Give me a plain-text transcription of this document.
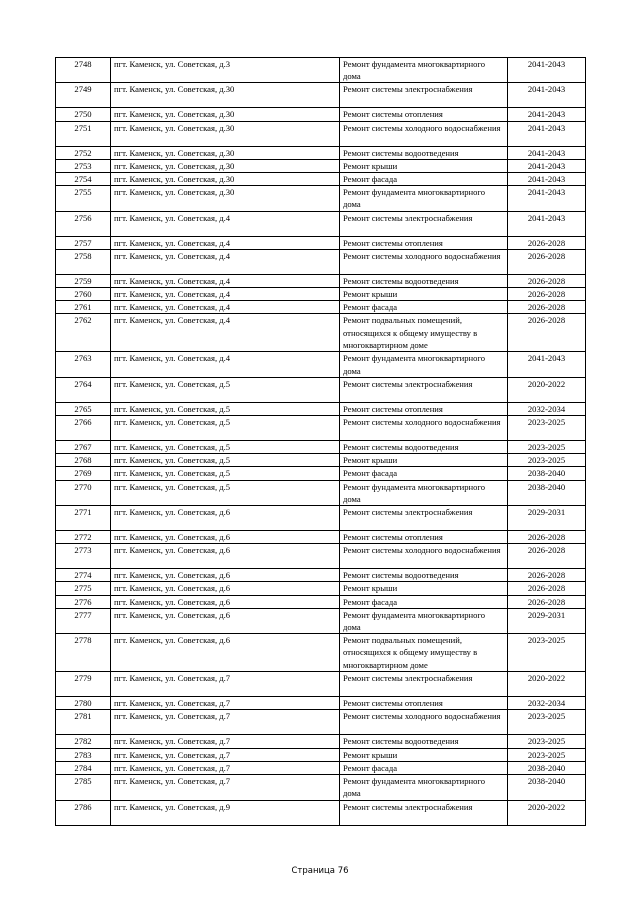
2748	пгт. Каменск, ул. Советская, д.3	Ремонт фундамента многоквартирного дома	2041-2043
2749	пгт. Каменск, ул. Советская, д.30	Ремонт системы электроснабжения	2041-2043
2750	пгт. Каменск, ул. Советская, д.30	Ремонт системы отопления	2041-2043
2751	пгт. Каменск, ул. Советская, д.30	Ремонт системы холодного водоснабжения	2041-2043
2752	пгт. Каменск, ул. Советская, д.30	Ремонт системы водоотведения	2041-2043
2753	пгт. Каменск, ул. Советская, д.30	Ремонт крыши	2041-2043
2754	пгт. Каменск, ул. Советская, д.30	Ремонт фасада	2041-2043
2755	пгт. Каменск, ул. Советская, д.30	Ремонт фундамента многоквартирного дома	2041-2043
2756	пгт. Каменск, ул. Советская, д.4	Ремонт системы электроснабжения	2041-2043
2757	пгт. Каменск, ул. Советская, д.4	Ремонт системы отопления	2026-2028
2758	пгт. Каменск, ул. Советская, д.4	Ремонт системы холодного водоснабжения	2026-2028
2759	пгт. Каменск, ул. Советская, д.4	Ремонт системы водоотведения	2026-2028
2760	пгт. Каменск, ул. Советская, д.4	Ремонт крыши	2026-2028
2761	пгт. Каменск, ул. Советская, д.4	Ремонт фасада	2026-2028
2762	пгт. Каменск, ул. Советская, д.4	Ремонт подвальных помещений, относящихся к общему имуществу в многоквартирном доме	2026-2028
2763	пгт. Каменск, ул. Советская, д.4	Ремонт фундамента многоквартирного дома	2041-2043
2764	пгт. Каменск, ул. Советская, д.5	Ремонт системы электроснабжения	2020-2022
2765	пгт. Каменск, ул. Советская, д.5	Ремонт системы отопления	2032-2034
2766	пгт. Каменск, ул. Советская, д.5	Ремонт системы холодного водоснабжения	2023-2025
2767	пгт. Каменск, ул. Советская, д.5	Ремонт системы водоотведения	2023-2025
2768	пгт. Каменск, ул. Советская, д.5	Ремонт крыши	2023-2025
2769	пгт. Каменск, ул. Советская, д.5	Ремонт фасада	2038-2040
2770	пгт. Каменск, ул. Советская, д.5	Ремонт фундамента многоквартирного дома	2038-2040
2771	пгт. Каменск, ул. Советская, д.6	Ремонт системы электроснабжения	2029-2031
2772	пгт. Каменск, ул. Советская, д.6	Ремонт системы отопления	2026-2028
2773	пгт. Каменск, ул. Советская, д.6	Ремонт системы холодного водоснабжения	2026-2028
2774	пгт. Каменск, ул. Советская, д.6	Ремонт системы водоотведения	2026-2028
2775	пгт. Каменск, ул. Советская, д.6	Ремонт крыши	2026-2028
2776	пгт. Каменск, ул. Советская, д.6	Ремонт фасада	2026-2028
2777	пгт. Каменск, ул. Советская, д.6	Ремонт фундамента многоквартирного дома	2029-2031
2778	пгт. Каменск, ул. Советская, д.6	Ремонт подвальных помещений, относящихся к общему имуществу в многоквартирном доме	2023-2025
2779	пгт. Каменск, ул. Советская, д.7	Ремонт системы электроснабжения	2020-2022
2780	пгт. Каменск, ул. Советская, д.7	Ремонт системы отопления	2032-2034
2781	пгт. Каменск, ул. Советская, д.7	Ремонт системы холодного водоснабжения	2023-2025
2782	пгт. Каменск, ул. Советская, д.7	Ремонт системы водоотведения	2023-2025
2783	пгт. Каменск, ул. Советская, д.7	Ремонт крыши	2023-2025
2784	пгт. Каменск, ул. Советская, д.7	Ремонт фасада	2038-2040
2785	пгт. Каменск, ул. Советская, д.7	Ремонт фундамента многоквартирного дома	2038-2040
2786	пгт. Каменск, ул. Советская, д.9	Ремонт системы электроснабжения	2020-2022
Страница 76
